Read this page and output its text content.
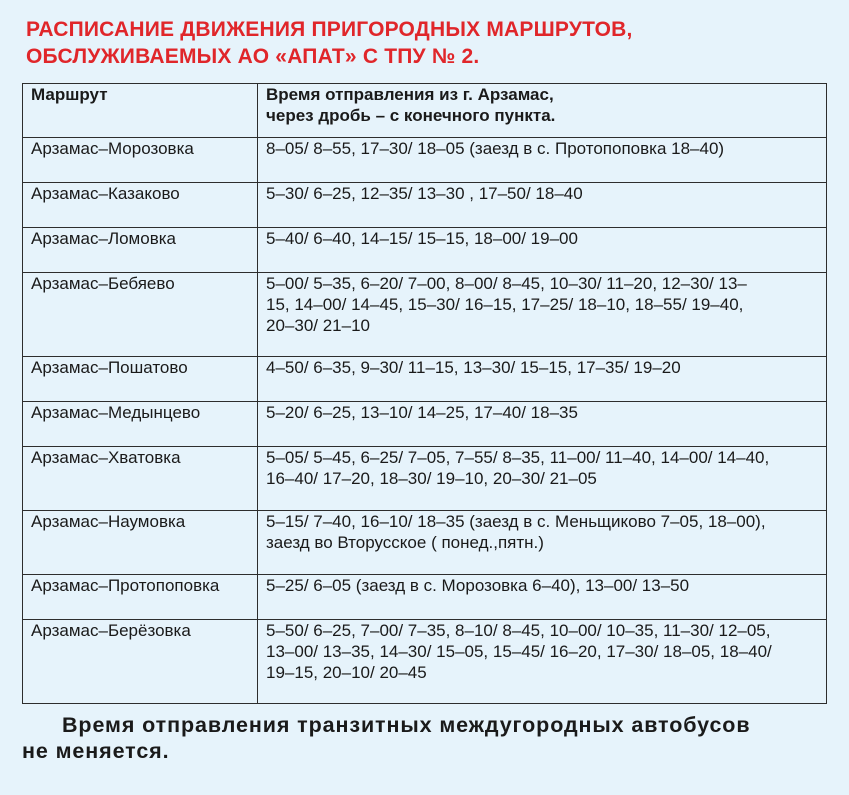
РАСПИСАНИЕ ДВИЖЕНИЯ ПРИГОРОДНЫХ МАРШРУТОВ,
ОБСЛУЖИВАЕМЫХ АО «АПАТ» С ТПУ № 2.
Маршрут	Время отправления из г. Арзамас,
через дробь – с конечного пункта.

Арзамас–Морозовка	8–05/ 8–55, 17–30/ 18–05 (заезд в с. Протопоповка 18–40)
Арзамас–Казаково	5–30/ 6–25, 12–35/ 13–30 , 17–50/ 18–40
Арзамас–Ломовка	5–40/ 6–40, 14–15/ 15–15, 18–00/ 19–00
Арзамас–Бебяево	5–00/ 5–35, 6–20/ 7–00, 8–00/ 8–45, 10–30/ 11–20, 12–30/ 13–
15, 14–00/ 14–45, 15–30/ 16–15, 17–25/ 18–10, 18–55/ 19–40,
20–30/ 21–10
Арзамас–Пошатово	4–50/ 6–35, 9–30/ 11–15, 13–30/ 15–15, 17–35/ 19–20
Арзамас–Медынцево	5–20/ 6–25, 13–10/ 14–25, 17–40/ 18–35
Арзамас–Хватовка	5–05/ 5–45, 6–25/ 7–05, 7–55/ 8–35, 11–00/ 11–40, 14–00/ 14–40,
16–40/ 17–20, 18–30/ 19–10, 20–30/ 21–05
Арзамас–Наумовка	5–15/ 7–40, 16–10/ 18–35 (заезд в с. Меньщиково 7–05, 18–00),
заезд во Вторусское ( понед.,пятн.)
Арзамас–Протопоповка	5–25/ 6–05 (заезд в с. Морозовка 6–40), 13–00/ 13–50
Арзамас–Берёзовка	5–50/ 6–25, 7–00/ 7–35, 8–10/ 8–45, 10–00/ 10–35, 11–30/ 12–05,
13–00/ 13–35, 14–30/ 15–05, 15–45/ 16–20, 17–30/ 18–05, 18–40/
19–15, 20–10/ 20–45
Время отправления транзитных междугородных автобусов
не меняется.
